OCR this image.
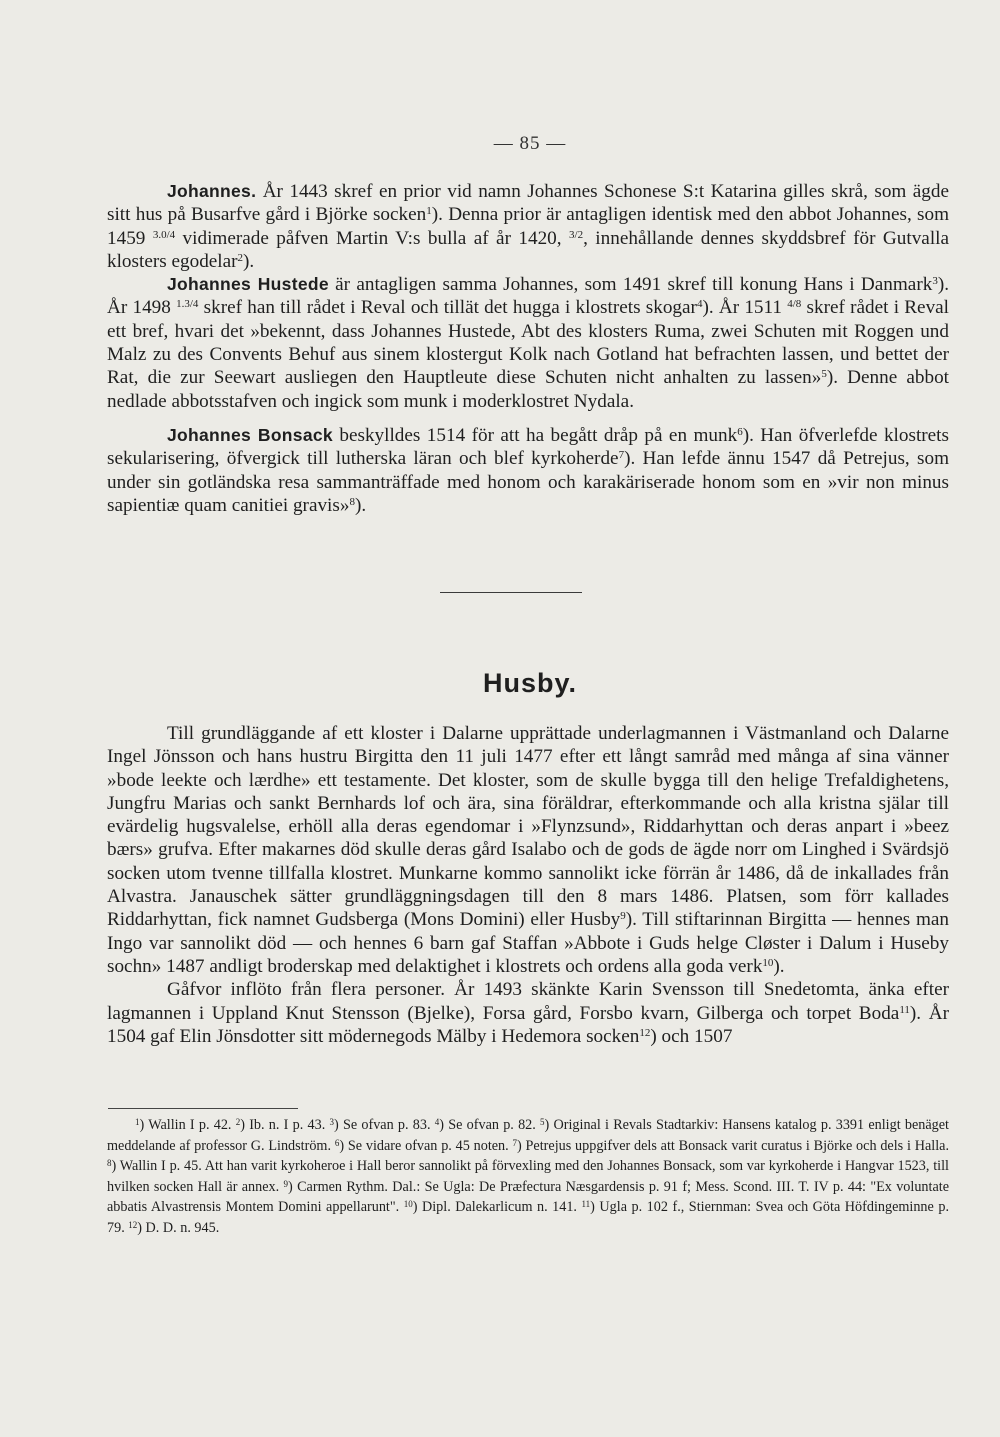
— 85 —

Johannes. År 1443 skref en prior vid namn Johannes Schonese S:t Katarina gilles skrå, som ägde sitt hus på Busarfve gård i Björke socken$^1$). Denna prior är antagligen identisk med den abbot Johannes, som 1459 $^{3.0/4}$ vidimerade påfven Martin V:s bulla af år 1420, $^{3/2}$, innehållande dennes skyddsbref för Gutvalla klosters egodelar$^2$).

Johannes Hustede är antagligen samma Johannes, som 1491 skref till konung Hans i Danmark$^3$). År 1498 $^{1.3/4}$ skref han till rådet i Reval och tillät det hugga i klostrets skogar$^4$). År 1511 $^{4/8}$ skref rådet i Reval ett bref, hvari det »bekennt, dass Johannes Hustede, Abt des klosters Ruma, zwei Schuten mit Roggen und Malz zu des Convents Behuf aus sinem klostergut Kolk nach Gotland hat befrachten lassen, und bettet der Rat, die zur Seewart ausliegen den Hauptleute diese Schuten nicht anhalten zu lassen»$^5$). Denne abbot nedlade abbotsstafven och ingick som munk i moderklostret Nydala.

Johannes Bonsack beskylldes 1514 för att ha begått dråp på en munk$^6$). Han öfverlefde klostrets sekularisering, öfvergick till lutherska läran och blef kyrkoherde$^7$). Han lefde ännu 1547 då Petrejus, som under sin gotländska resa sammanträffade med honom och karakäriserade honom som en »vir non minus sapientiæ quam canitiei gravis»$^8$).

Husby.

Till grundläggande af ett kloster i Dalarne upprättade underlagmannen i Västmanland och Dalarne Ingel Jönsson och hans hustru Birgitta den 11 juli 1477 efter ett långt samråd med många af sina vänner »bode leekte och lærdhe» ett testamente. Det kloster, som de skulle bygga till den helige Trefaldighetens, Jungfru Marias och sankt Bernhards lof och ära, sina föräldrar, efterkommande och alla kristna själar till evärdelig hugsvalelse, erhöll alla deras egendomar i »Flynzsund», Riddarhyttan och deras anpart i »beez bærs» grufva. Efter makarnes död skulle deras gård Isalabo och de gods de ägde norr om Linghed i Svärdsjö socken utom tvenne tillfalla klostret. Munkarne kommo sannolikt icke förrän år 1486, då de inkallades från Alvastra. Janauschek sätter grundläggningsdagen till den 8 mars 1486. Platsen, som förr kallades Riddarhyttan, fick namnet Gudsberga (Mons Domini) eller Husby$^9$). Till stiftarinnan Birgitta — hennes man Ingo var sannolikt död — och hennes 6 barn gaf Staffan »Abbote i Guds helge Cløster i Dalum i Huseby sochn» 1487 andligt broderskap med delaktighet i klostrets och ordens alla goda verk$^{10}$).

Gåfvor inflöto från flera personer. År 1493 skänkte Karin Svensson till Snedetomta, änka efter lagmannen i Uppland Knut Stensson (Bjelke), Forsa gård, Forsbo kvarn, Gilberga och torpet Boda$^{11}$). År 1504 gaf Elin Jönsdotter sitt mödernegods Mälby i Hedemora socken$^{12}$) och 1507

$^1$) Wallin I p. 42. $^2$) Ib. n. I p. 43. $^3$) Se ofvan p. 83. $^4$) Se ofvan p. 82. $^5$) Original i Revals Stadtarkiv: Hansens katalog p. 3391 enligt benäget meddelande af professor G. Lindström. $^6$) Se vidare ofvan p. 45 noten. $^7$) Petrejus uppgifver dels att Bonsack varit curatus i Björke och dels i Halla. $^8$) Wallin I p. 45. Att han varit kyrkoheroe i Hall beror sannolikt på förvexling med den Johannes Bonsack, som var kyrkoherde i Hangvar 1523, till hvilken socken Hall är annex. $^9$) Carmen Rythm. Dal.: Se Ugla: De Præfectura Næsgardensis p. 91 f; Mess. Scond. III. T. IV p. 44: "Ex voluntate abbatis Alvastrensis Montem Domini appellarunt". $^{10}$) Dipl. Dalekarlicum n. 141. $^{11}$) Ugla p. 102 f., Stiernman: Svea och Göta Höfdingeminne p. 79. $^{12}$) D. D. n. 945.
